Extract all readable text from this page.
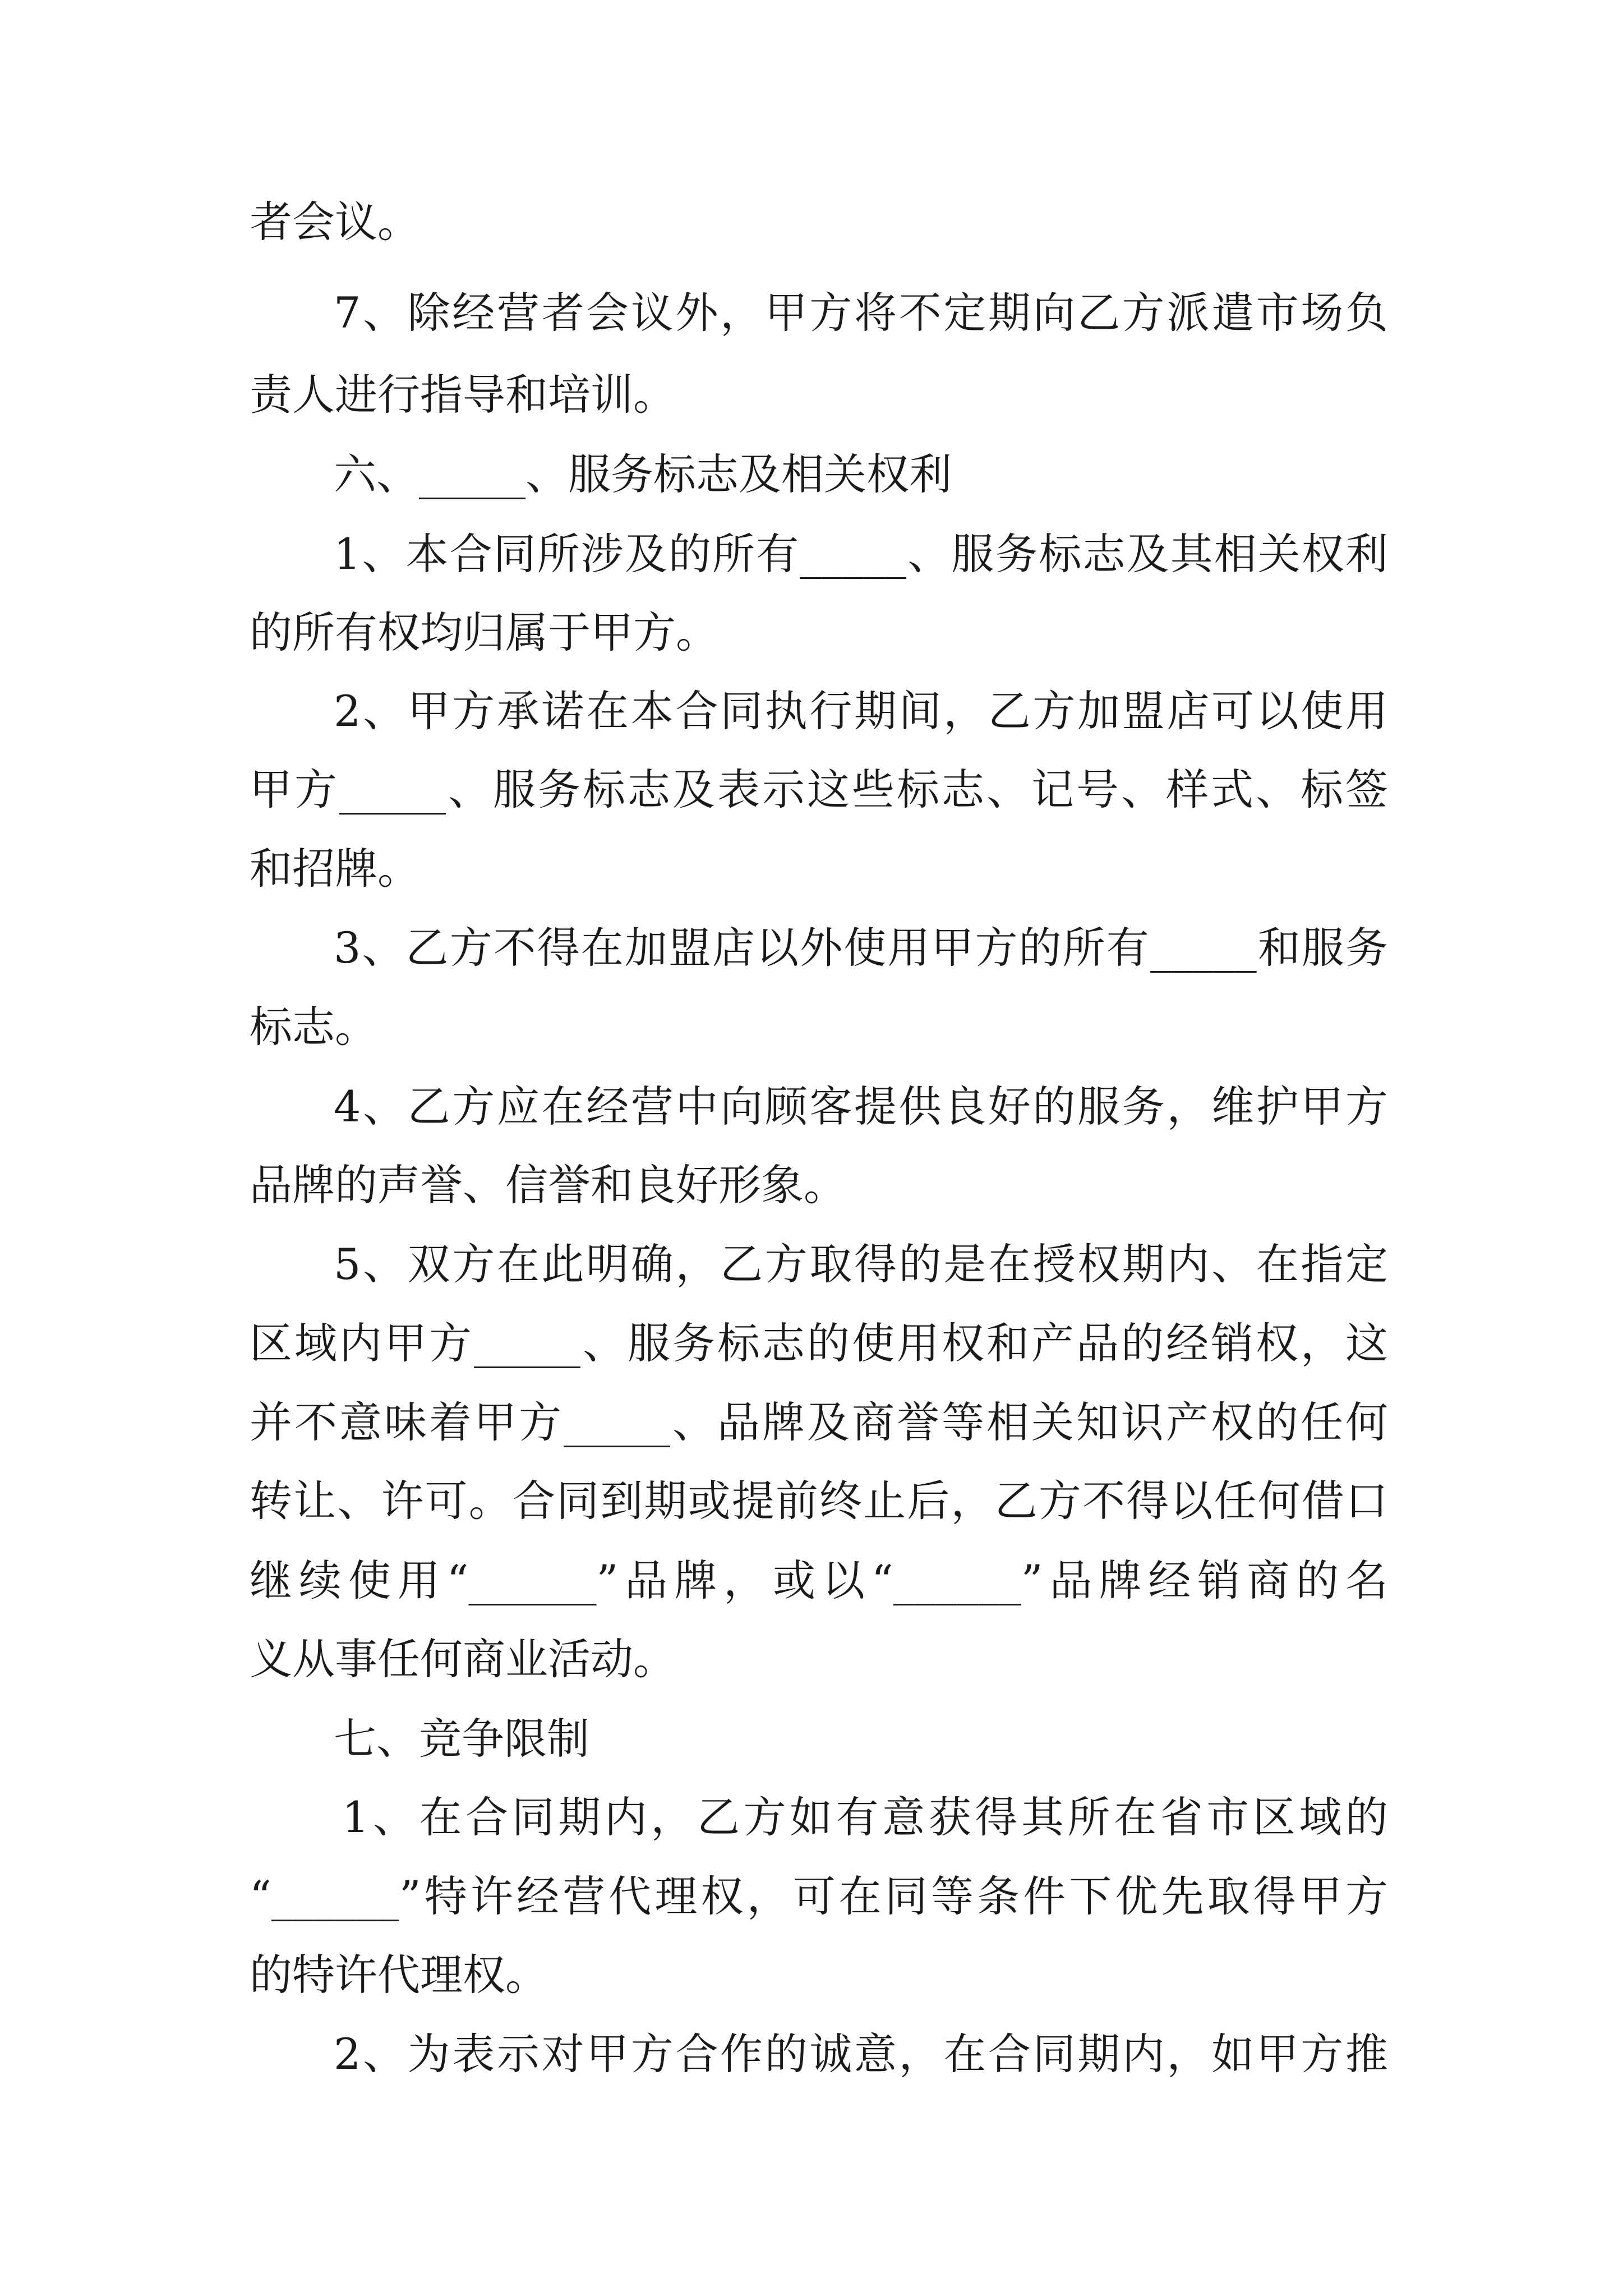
者会议。
7、除经营者会议外，甲方将不定期向乙方派遣市场负
责人进行指导和培训。
六、_____、服务标志及相关权利
1、本合同所涉及的所有_____、服务标志及其相关权利
的所有权均归属于甲方。
2、甲方承诺在本合同执行期间，乙方加盟店可以使用
甲方_____、服务标志及表示这些标志、记号、样式、标签
和招牌。
3、乙方不得在加盟店以外使用甲方的所有_____和服务
标志。
4、乙方应在经营中向顾客提供良好的服务，维护甲方
品牌的声誉、信誉和良好形象。
5、双方在此明确，乙方取得的是在授权期内、在指定
区域内甲方_____、服务标志的使用权和产品的经销权，这
并不意味着甲方_____、品牌及商誉等相关知识产权的任何
转让、许可。合同到期或提前终止后，乙方不得以任何借口
继续使用“______”品牌，或以“______”品牌经销商的名
义从事任何商业活动。
七、竞争限制
1、在合同期内，乙方如有意获得其所在省市区域的
“______”特许经营代理权，可在同等条件下优先取得甲方
的特许代理权。
2、为表示对甲方合作的诚意，在合同期内，如甲方推
